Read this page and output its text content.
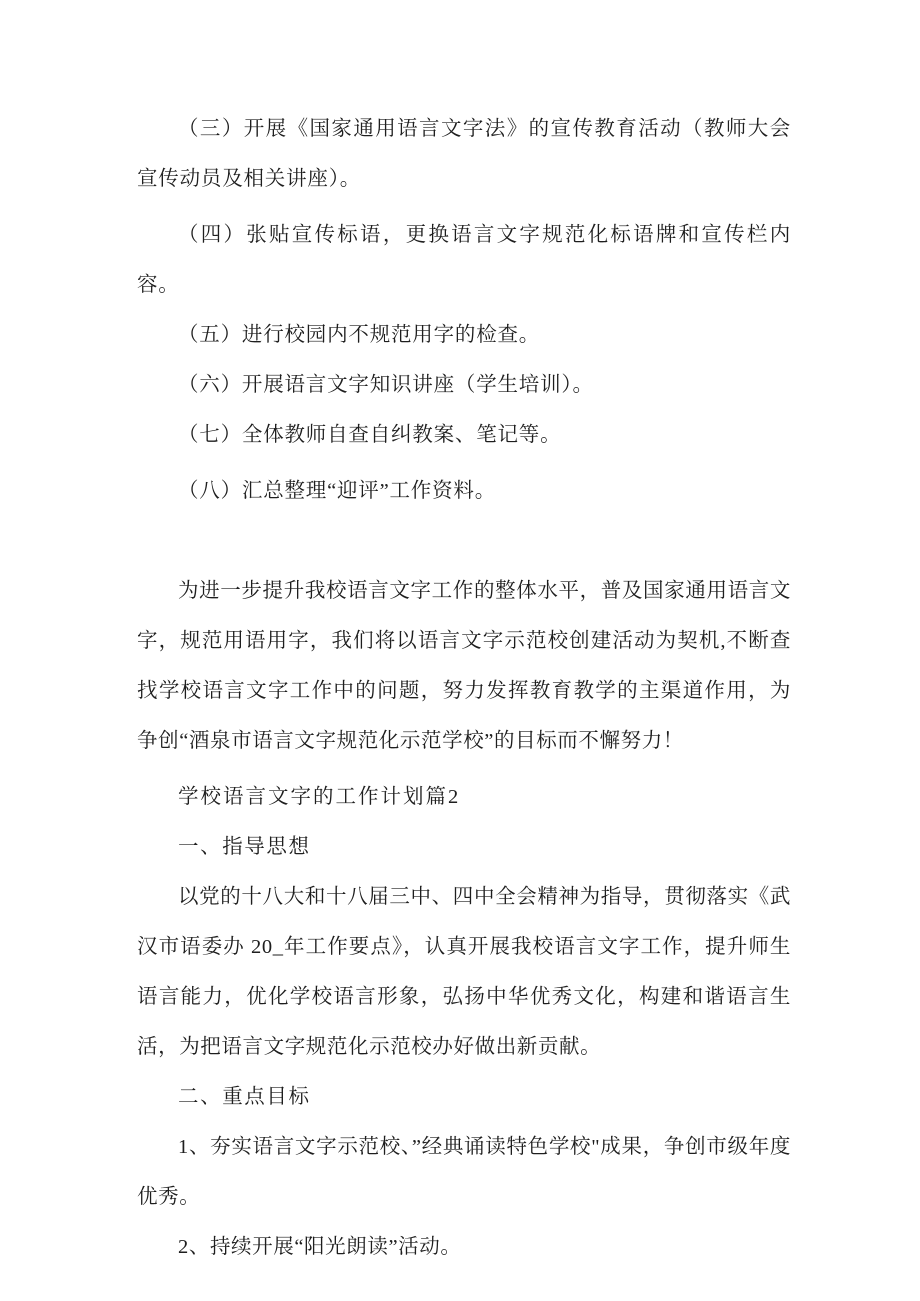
（三）开展《国家通用语言文字法》的宣传教育活动（教师大会宣传动员及相关讲座）。

（四）张贴宣传标语，更换语言文字规范化标语牌和宣传栏内容。

（五）进行校园内不规范用字的检查。

（六）开展语言文字知识讲座（学生培训）。

（七）全体教师自查自纠教案、笔记等。

（八）汇总整理“迎评”工作资料。

为进一步提升我校语言文字工作的整体水平，普及国家通用语言文字，规范用语用字，我们将以语言文字示范校创建活动为契机,不断查找学校语言文字工作中的问题，努力发挥教育教学的主渠道作用，为争创“酒泉市语言文字规范化示范学校”的目标而不懈努力！

学校语言文字的工作计划篇2

一、指导思想

以党的十八大和十八届三中、四中全会精神为指导，贯彻落实《武汉市语委办 20_年工作要点》，认真开展我校语言文字工作，提升师生语言能力，优化学校语言形象，弘扬中华优秀文化，构建和谐语言生活，为把语言文字规范化示范校办好做出新贡献。

二、重点目标

1、夯实语言文字示范校、”经典诵读特色学校"成果，争创市级年度优秀。

2、持续开展“阳光朗读”活动。
